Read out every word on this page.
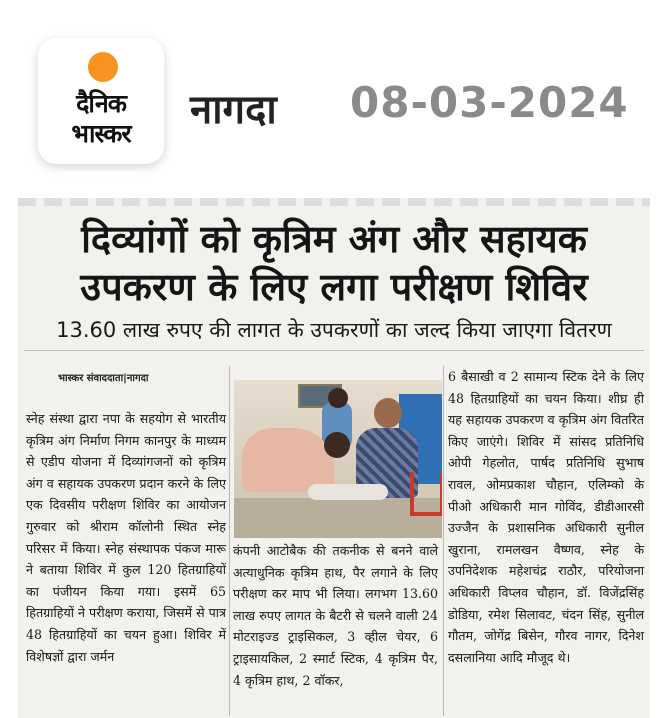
दैनिक
भास्कर
नागदा 08-03-2024
दिव्यांगों को कृत्रिम अंग और सहायक
उपकरण के लिए लगा परीक्षण शिविर
13.60 लाख रुपए की लागत के उपकरणों का जल्द किया जाएगा वितरण
भास्कर संवाददाता|नागदा
स्नेह संस्था द्वारा नपा के सहयोग से भारतीय कृत्रिम अंग निर्माण निगम कानपुर के माध्यम से एडीप योजना में दिव्यांगजनों को कृत्रिम अंग व सहायक उपकरण प्रदान करने के लिए एक दिवसीय परीक्षण शिविर का आयोजन गुरुवार को श्रीराम कॉलोनी स्थित स्नेह परिसर में किया। स्नेह संस्थापक पंकज मारू ने बताया शिविर में कुल 120 हितग्राहियों का पंजीयन किया गया। इसमें 65 हितग्राहियों ने परीक्षण कराया, जिसमें से पात्र 48 हितग्राहियों का चयन हुआ। शिविर में विशेषज्ञों द्वारा जर्मन
कंपनी आटोबैक की तकनीक से बनने वाले अत्याधुनिक कृत्रिम हाथ, पैर लगाने के लिए परीक्षण कर माप भी लिया। लगभग 13.60 लाख रुपए लागत के बैटरी से चलने वाली 24 मोटराइज्ड ट्राइसिकल, 3 व्हील चेयर, 6 ट्राइसायकिल, 2 स्मार्ट स्टिक, 4 कृत्रिम पैर, 4 कृत्रिम हाथ, 2 वॉकर,
6 बैसाखी व 2 सामान्य स्टिक देने के लिए 48 हितग्राहियों का चयन किया। शीघ्र ही यह सहायक उपकरण व कृत्रिम अंग वितरित किए जाएंगे। शिविर में सांसद प्रतिनिधि ओपी गेहलोत, पार्षद प्रतिनिधि सुभाष रावल, ओमप्रकाश चौहान, एलिम्को के पीओ अधिकारी मान गोविंद, डीडीआरसी उज्जैन के प्रशासनिक अधिकारी सुनील खुराना, रामलखन वैष्णव, स्नेह के उपनिदेशक महेशचंद्र राठौर, परियोजना अधिकारी विप्लव चौहान, डॉ. विजेंद्रसिंह डोडिया, रमेश सिलावट, चंदन सिंह, सुनील गौतम, जोगेंद्र बिसेन, गौरव नागर, दिनेश दसलानिया आदि मौजूद थे।
